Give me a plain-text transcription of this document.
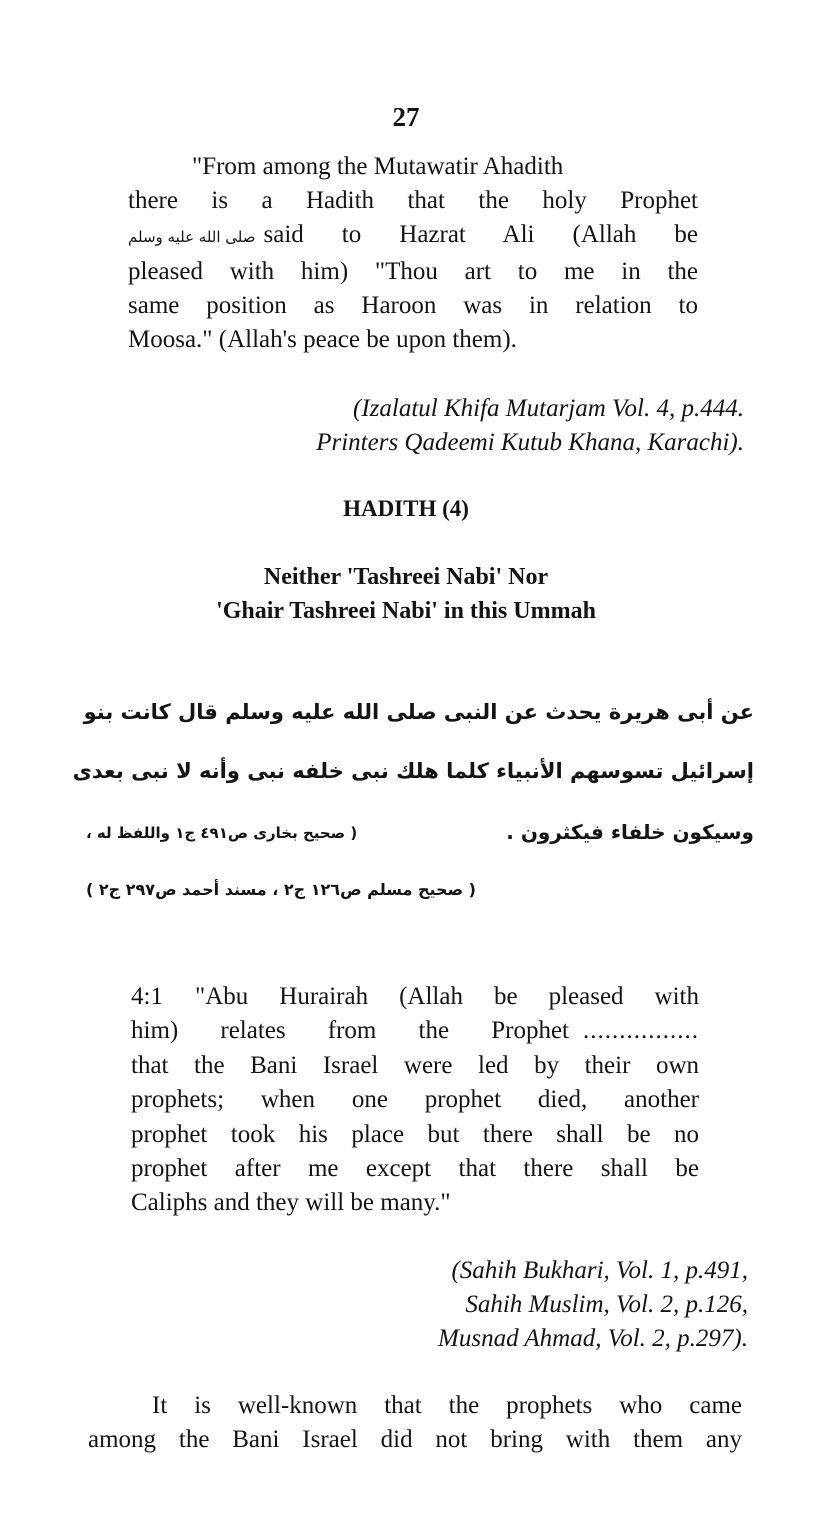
27
"From among the Mutawatir Ahadith
there is a Hadith that the holy Prophet
صلى الله عليه وسلم said to Hazrat Ali (Allah be
pleased with him) "Thou art to me in the
same position as Haroon was in relation to
Moosa." (Allah's peace be upon them).
(Izalatul Khifa Mutarjam Vol. 4, p.444.
Printers Qadeemi Kutub Khana, Karachi).
HADITH (4)
Neither 'Tashreei Nabi' Nor
'Ghair Tashreei Nabi' in this Ummah
عن أبى هريرة يحدث عن النبى صلى الله عليه وسلم قال كانت بنو
إسرائيل تسوسهم الأنبياء كلما هلك نبى خلفه نبى وأنه لا نبى بعدى
وسيكون خلفاء فيكثرون .
( صحيح بخارى ص٤٩١ ج١ واللفظ له ،
( صحيح مسلم ص١٢٦ ج٢ ، مسند أحمد ص٢٩٧ ج٢ )
4:1	"Abu Hurairah (Allah be pleased with
him) relates from the Prophet ................
that the Bani Israel were led by their own
prophets; when one prophet died, another
prophet took his place but there shall be no
prophet after me except that there shall be
Caliphs and they will be many."
(Sahih Bukhari, Vol. 1, p.491,
Sahih Muslim, Vol. 2, p.126,
Musnad Ahmad, Vol. 2, p.297).
It is well-known that the prophets who came
among the Bani Israel did not bring with them any
